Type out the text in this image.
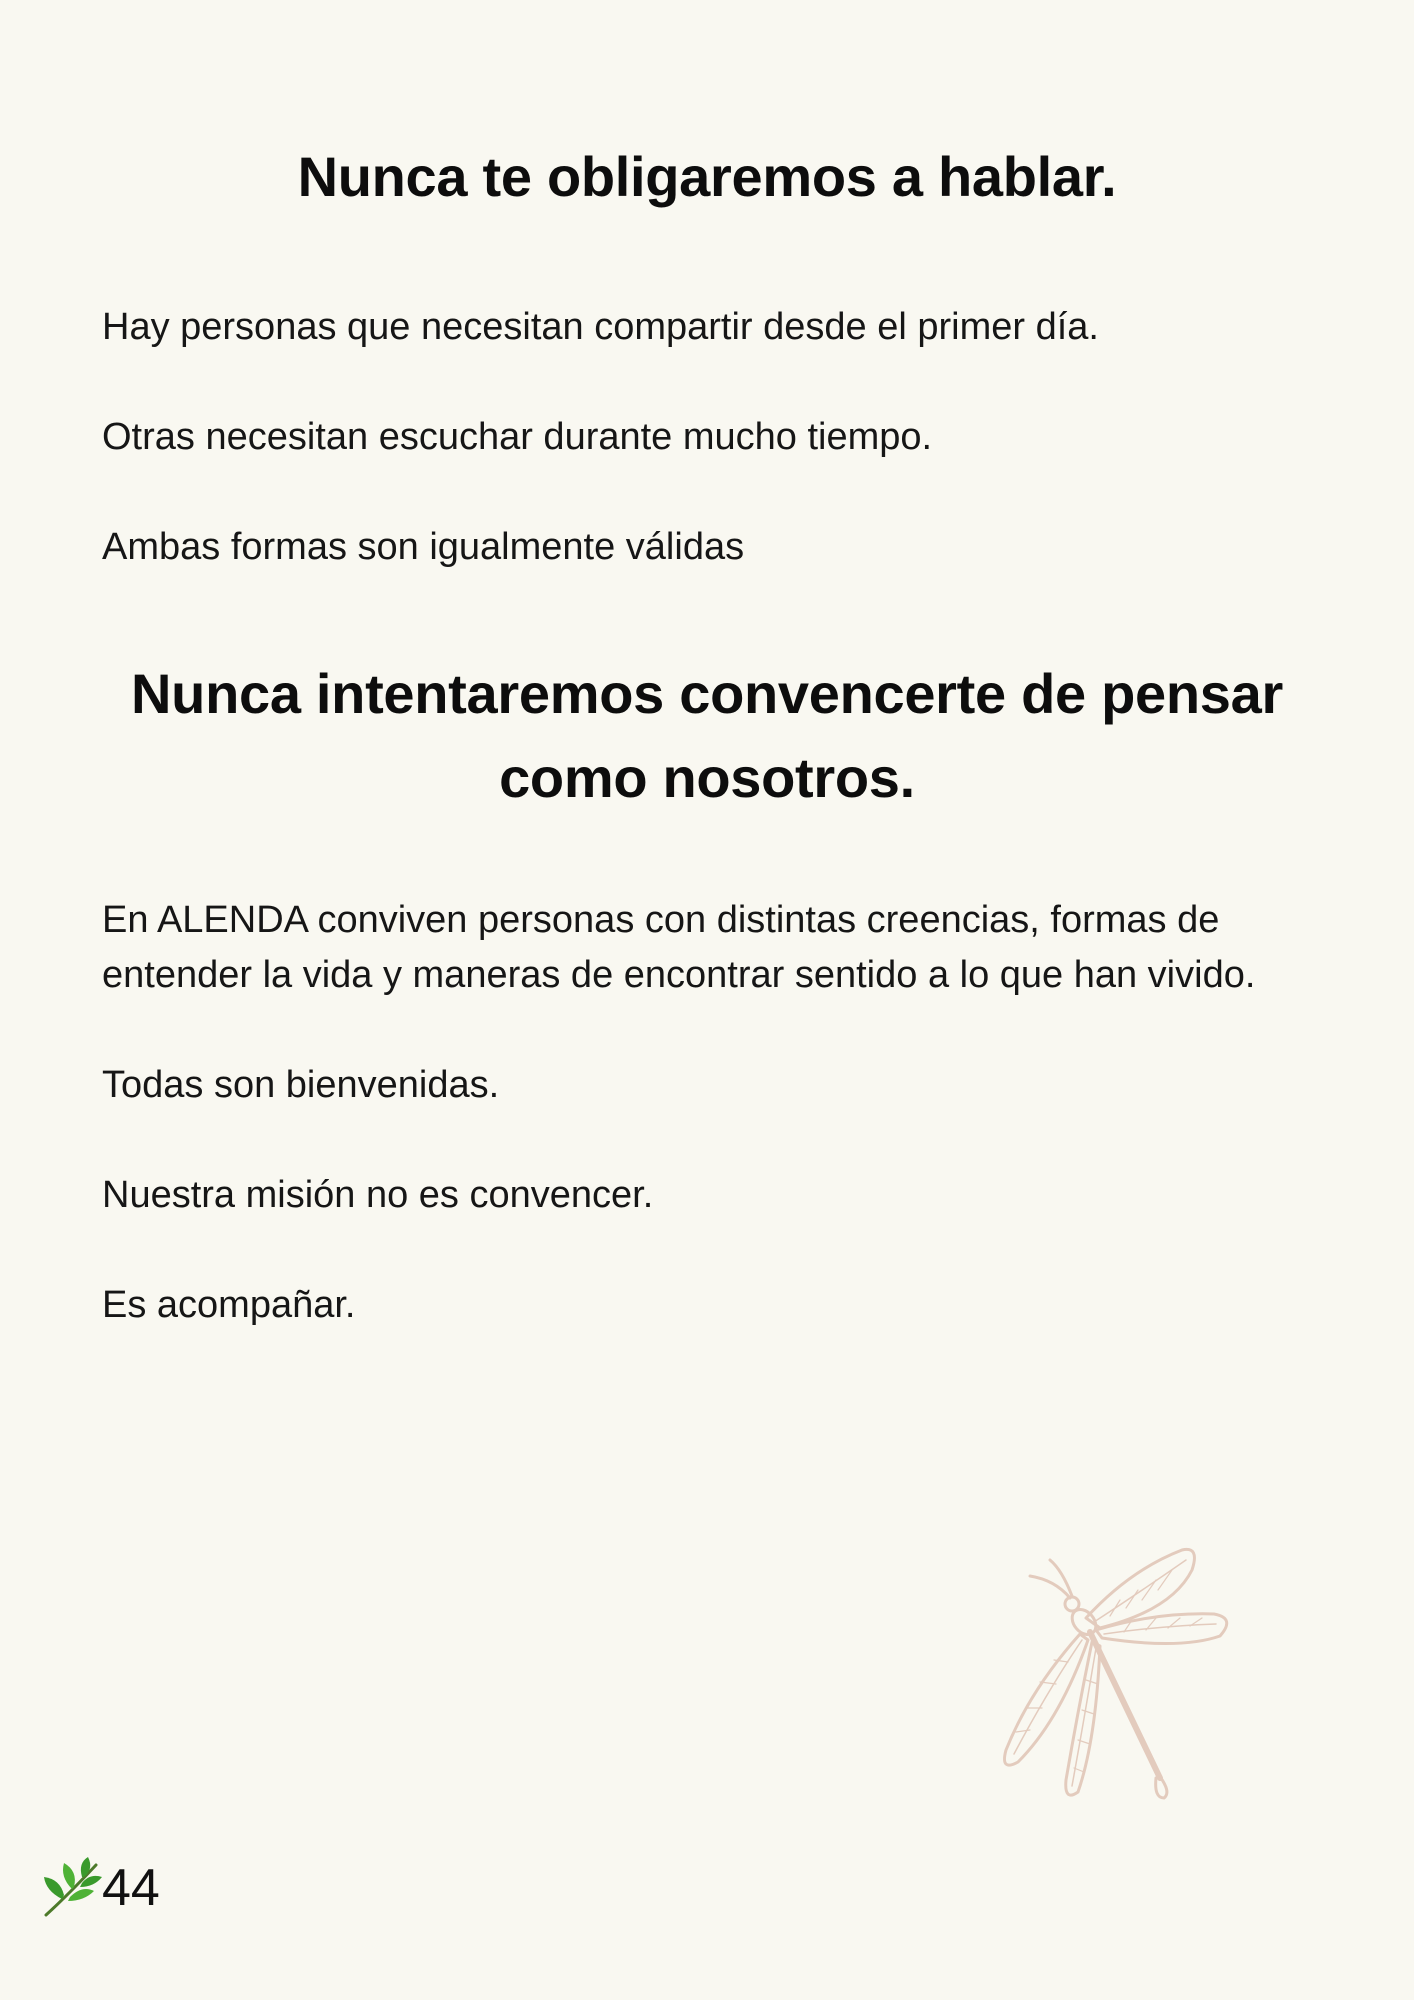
Nunca te obligaremos a hablar.

Hay personas que necesitan compartir desde el primer día.

Otras necesitan escuchar durante mucho tiempo.

Ambas formas son igualmente válidas

Nunca intentaremos convencerte de pensar como nosotros.

En ALENDA conviven personas con distintas creencias, formas de entender la vida y maneras de encontrar sentido a lo que han vivido.

Todas son bienvenidas.

Nuestra misión no es convencer.

Es acompañar.

44
